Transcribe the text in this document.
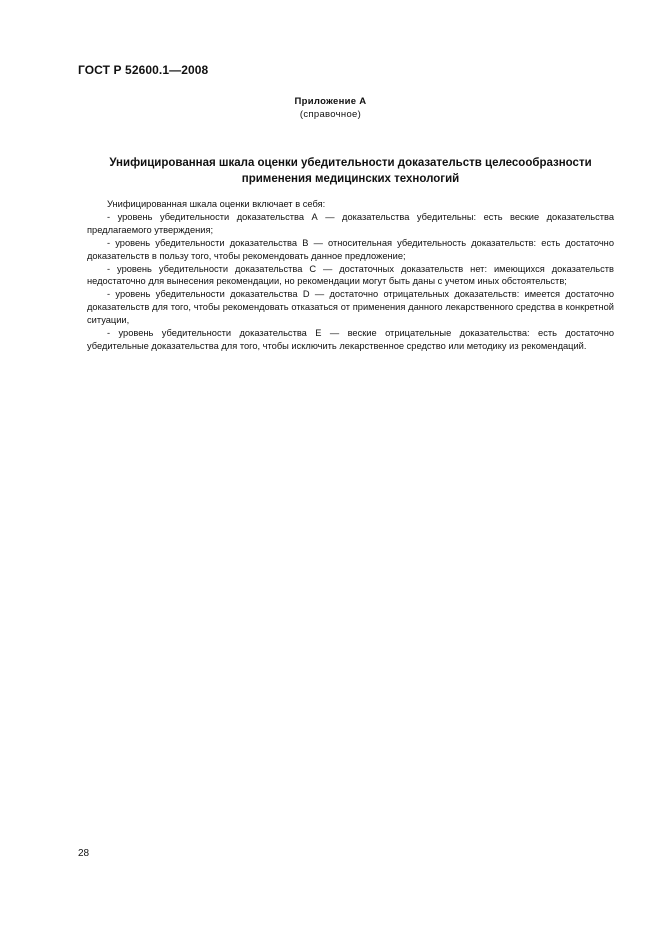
ГОСТ Р 52600.1—2008
Приложение А
(справочное)
Унифицированная шкала оценки убедительности доказательств целесообразности применения медицинских технологий

Унифицированная шкала оценки включает в себя:

- уровень убедительности доказательства А — доказательства убедительны: есть веские доказательства предлагаемого утверждения;

- уровень убедительности доказательства В — относительная убедительность доказательств: есть достаточно доказательств в пользу того, чтобы рекомендовать данное предложение;

- уровень убедительности доказательства С — достаточных доказательств нет: имеющихся доказательств недостаточно для вынесения рекомендации, но рекомендации могут быть даны с учетом иных обстоятельств;

- уровень убедительности доказательства D — достаточно отрицательных доказательств: имеется достаточно доказательств для того, чтобы рекомендовать отказаться от применения данного лекарственного средства в конкретной ситуации,

- уровень убедительности доказательства Е — веские отрицательные доказательства: есть достаточно убедительные доказательства для того, чтобы исключить лекарственное средство или методику из рекомендаций.

28
